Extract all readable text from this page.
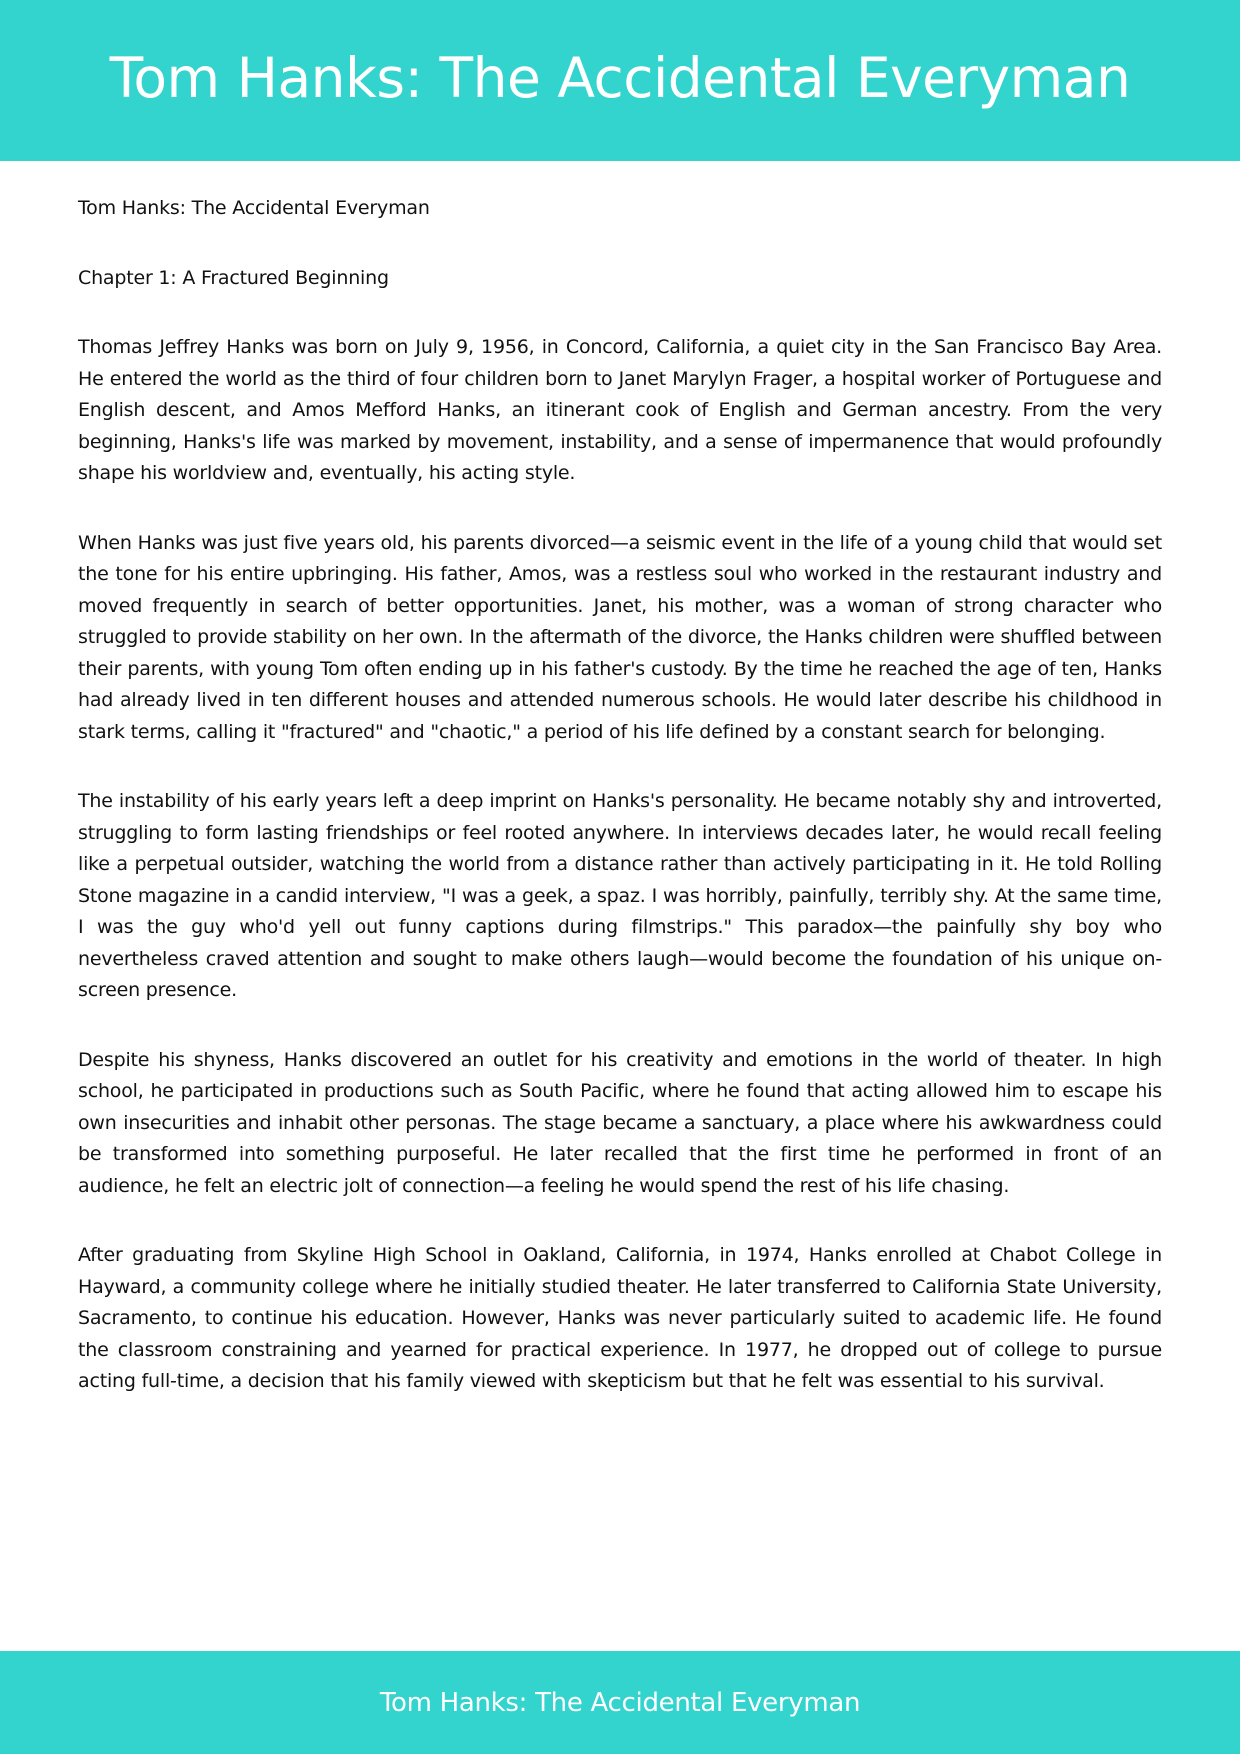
Tom Hanks: The Accidental Everyman

Tom Hanks: The Accidental Everyman

Chapter 1: A Fractured Beginning

Thomas Jeffrey Hanks was born on July 9, 1956, in Concord, California, a quiet city in the San Francisco Bay Area. He entered the world as the third of four children born to Janet Marylyn Frager, a hospital worker of Portuguese and English descent, and Amos Mefford Hanks, an itinerant cook of English and German ancestry. From the very beginning, Hanks's life was marked by movement, instability, and a sense of impermanence that would profoundly shape his worldview and, eventually, his acting style.

When Hanks was just five years old, his parents divorced—a seismic event in the life of a young child that would set the tone for his entire upbringing. His father, Amos, was a restless soul who worked in the restaurant industry and moved frequently in search of better opportunities. Janet, his mother, was a woman of strong character who struggled to provide stability on her own. In the aftermath of the divorce, the Hanks children were shuffled between their parents, with young Tom often ending up in his father's custody. By the time he reached the age of ten, Hanks had already lived in ten different houses and attended numerous schools. He would later describe his childhood in stark terms, calling it "fractured" and "chaotic," a period of his life defined by a constant search for belonging.

The instability of his early years left a deep imprint on Hanks's personality. He became notably shy and introverted, struggling to form lasting friendships or feel rooted anywhere. In interviews decades later, he would recall feeling like a perpetual outsider, watching the world from a distance rather than actively participating in it. He told Rolling Stone magazine in a candid interview, "I was a geek, a spaz. I was horribly, painfully, terribly shy. At the same time, I was the guy who'd yell out funny captions during filmstrips." This paradox—the painfully shy boy who nevertheless craved attention and sought to make others laugh—would become the foundation of his unique on-screen presence.

Despite his shyness, Hanks discovered an outlet for his creativity and emotions in the world of theater. In high school, he participated in productions such as South Pacific, where he found that acting allowed him to escape his own insecurities and inhabit other personas. The stage became a sanctuary, a place where his awkwardness could be transformed into something purposeful. He later recalled that the first time he performed in front of an audience, he felt an electric jolt of connection—a feeling he would spend the rest of his life chasing.

After graduating from Skyline High School in Oakland, California, in 1974, Hanks enrolled at Chabot College in Hayward, a community college where he initially studied theater. He later transferred to California State University, Sacramento, to continue his education. However, Hanks was never particularly suited to academic life. He found the classroom constraining and yearned for practical experience. In 1977, he dropped out of college to pursue acting full-time, a decision that his family viewed with skepticism but that he felt was essential to his survival.

Tom Hanks: The Accidental Everyman
